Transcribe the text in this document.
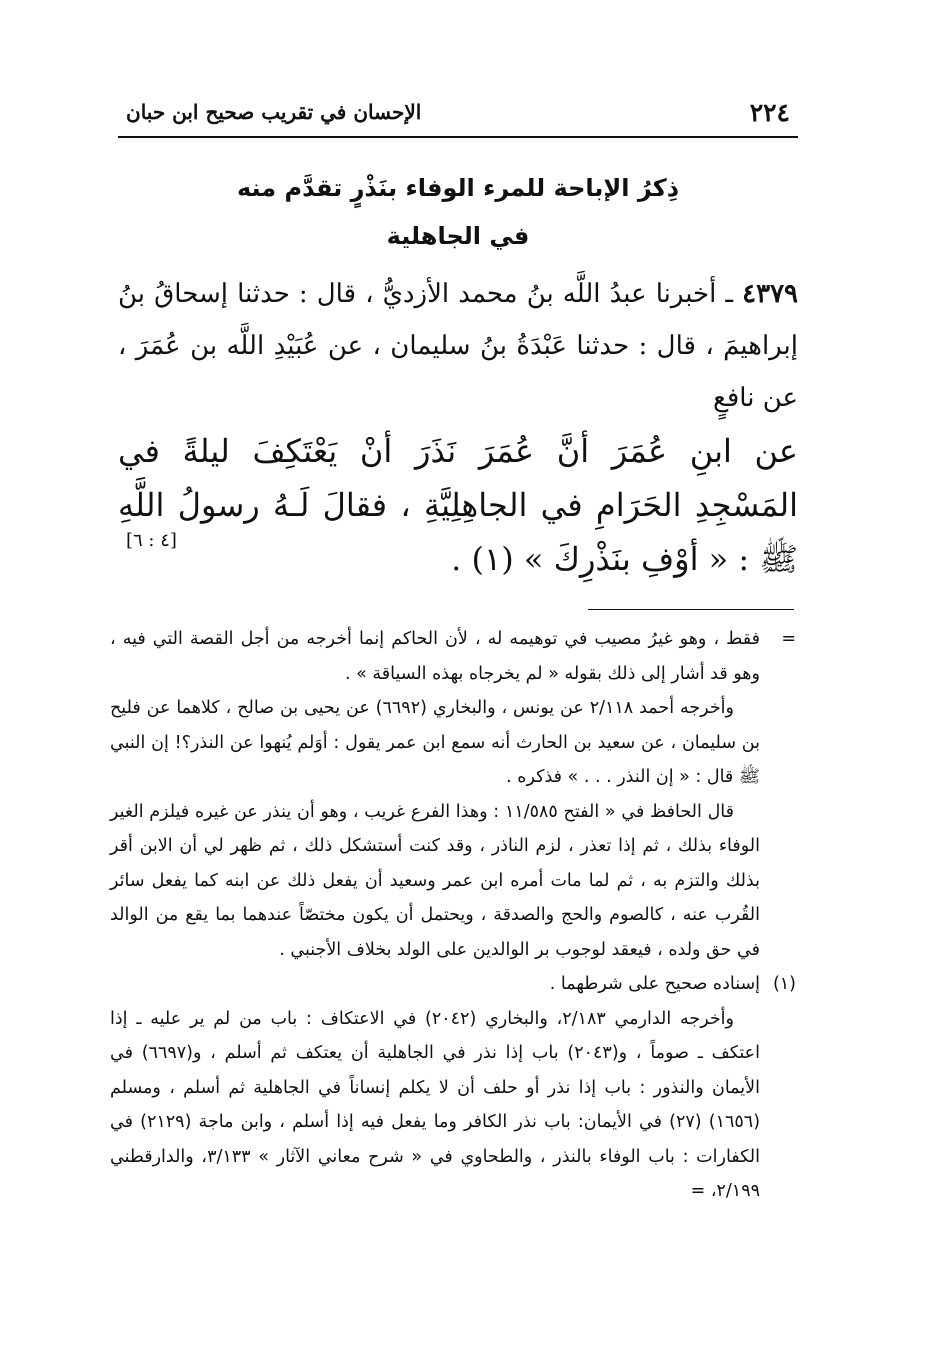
٢٢٤
الإحسان في تقريب صحيح ابن حبان
ذِكرُ الإباحة للمرء الوفاء بنَذْرٍ تقدَّم منه
في الجاهلية
٤٣٧٩ ـ أخبرنا عبدُ اللَّه بنُ محمد الأزديُّ ، قال : حدثنا إسحاقُ بنُ إبراهيمَ ، قال : حدثنا عَبْدَةُ بنُ سليمان ، عن عُبَيْدِ اللَّه بن عُمَرَ ، عن نافعٍ
عن ابنِ عُمَرَ أنَّ عُمَرَ نَذَرَ أنْ يَعْتَكِفَ ليلةً في المَسْجِدِ الحَرَامِ في الجاهِلِيَّةِ ، فقالَ لَـهُ رسولُ اللَّهِ ﷺ : « أوْفِ بنَذْرِكَ » (١) .
[٤ : ٦]

=
فقط ، وهو غيرُ مصيب في توهيمه له ، لأن الحاكم إنما أخرجه من أجل القصة التي فيه ، وهو قد أشار إلى ذلك بقوله « لم يخرجاه بهذه السياقة » .

وأخرجه أحمد ٢/١١٨ عن يونس ، والبخاري (٦٦٩٢) عن يحيى بن صالح ، كلاهما عن فليح بن سليمان ، عن سعيد بن الحارث أنه سمع ابن عمر يقول : أوَلم يُنهوا عن النذر؟! إن النبي ﷺ قال : « إن النذر . . . » فذكره .

قال الحافظ في « الفتح ١١/٥٨٥ : وهذا الفرع غريب ، وهو أن ينذر عن غيره فيلزم الغير الوفاء بذلك ، ثم إذا تعذر ، لزم الناذر ، وقد كنت أستشكل ذلك ، ثم ظهر لي أن الابن أقر بذلك والتزم به ، ثم لما مات أمره ابن عمر وسعيد أن يفعل ذلك عن ابنه كما يفعل سائر القُرب عنه ، كالصوم والحج والصدقة ، ويحتمل أن يكون مختصّاً عندهما بما يقع من الوالد في حق ولده ، فيعقد لوجوب بر الوالدين على الولد بخلاف الأجنبي .

(١)
إسناده صحيح على شرطهما .

وأخرجه الدارمي ٢/١٨٣، والبخاري (٢٠٤٢) في الاعتكاف : باب من لم ير عليه ـ إذا اعتكف ـ صوماً ، و(٢٠٤٣) باب إذا نذر في الجاهلية أن يعتكف ثم أسلم ، و(٦٦٩٧) في الأيمان والنذور : باب إذا نذر أو حلف أن لا يكلم إنساناً في الجاهلية ثم أسلم ، ومسلم (١٦٥٦) (٢٧) في الأيمان: باب نذر الكافر وما يفعل فيه إذا أسلم ، وابن ماجة (٢١٢٩) في الكفارات : باب الوفاء بالنذر ، والطحاوي في « شرح معاني الآثار » ٣/١٣٣، والدارقطني ٢/١٩٩، =
